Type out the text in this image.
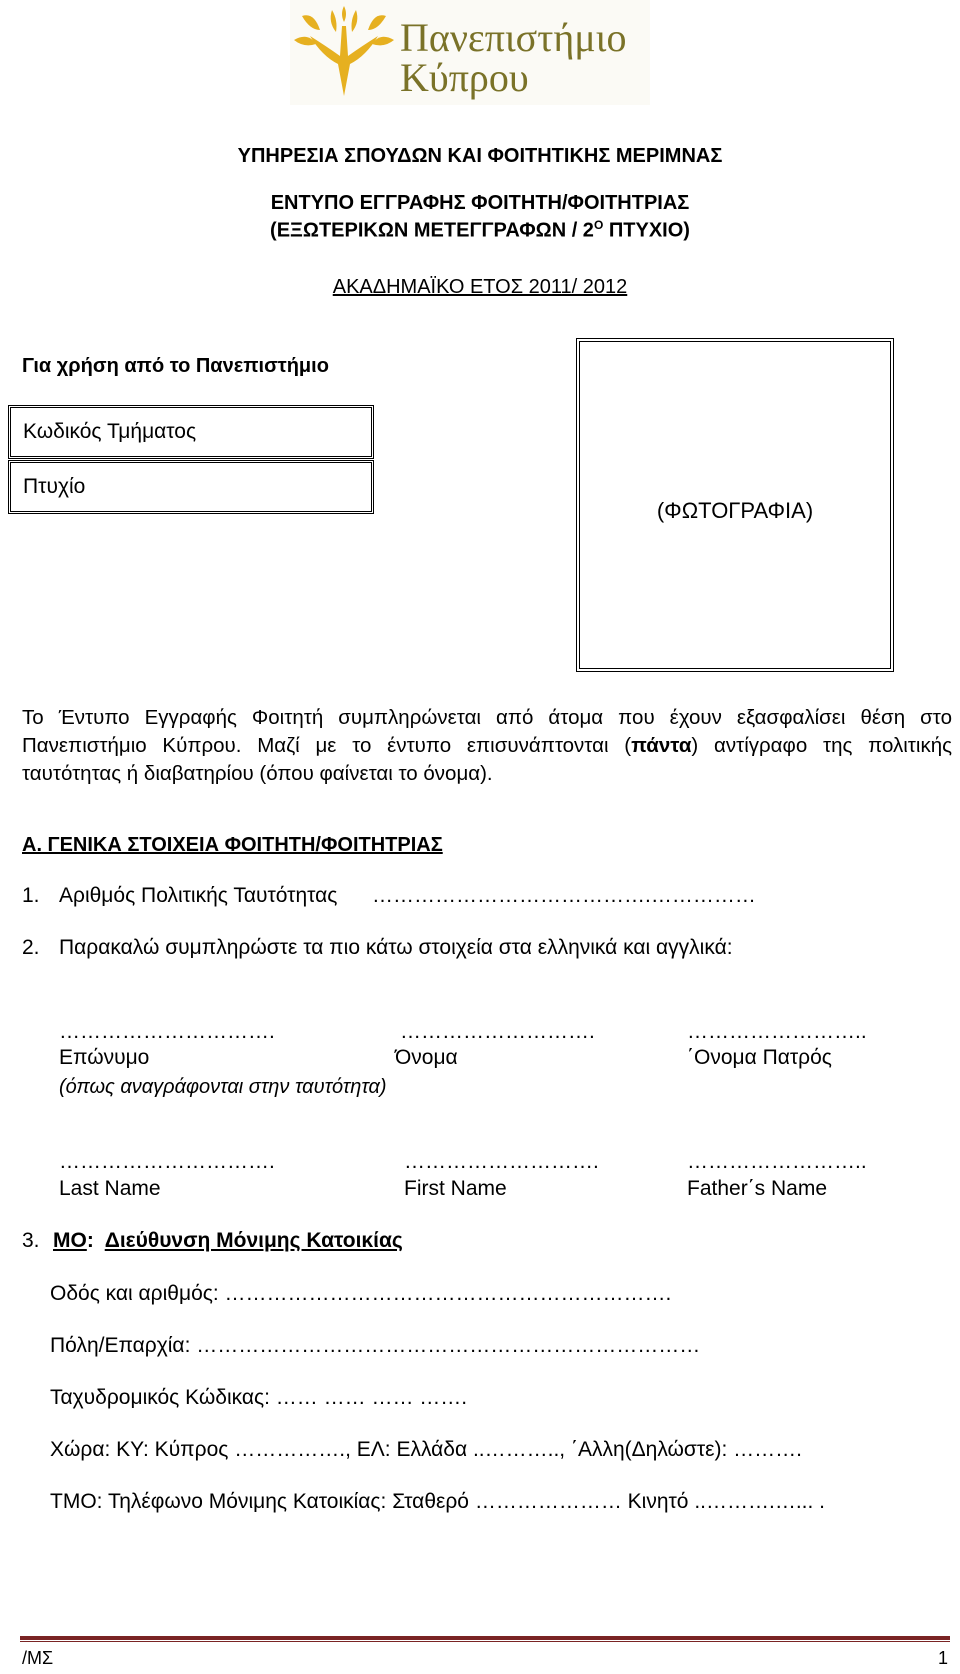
Πανεπιστήμιο
Κύπρου
ΥΠΗΡΕΣΙΑ ΣΠΟΥΔΩΝ ΚΑΙ ΦΟΙΤΗΤΙΚΗΣ ΜΕΡΙΜΝΑΣ
ΕΝΤΥΠΟ ΕΓΓΡΑΦΗΣ ΦΟΙΤΗΤΗ/ΦΟΙΤΗΤΡΙΑΣ
(ΕΞΩΤΕΡΙΚΩΝ ΜΕΤΕΓΓΡΑΦΩΝ / $2^O$ ΠΤΥΧΙΟ)
ΑΚΑΔΗΜΑΪΚΟ ΕΤΟΣ 2011/ 2012
Για χρήση από το Πανεπιστήμιο
Κωδικός Τμήματος
Πτυχίο
(ΦΩΤΟΓΡΑΦΙΑ)
Το Έντυπο Εγγραφής Φοιτητή συμπληρώνεται από άτομα που έχουν εξασφαλίσει θέση στο Πανεπιστήμιο Κύπρου. Μαζί με το έντυπο επισυνάπτονται (πάντα) αντίγραφο της πολιτικής ταυτότητας ή διαβατηρίου (όπου φαίνεται το όνομα).
Α. ΓΕΝΙΚΑ ΣΤΟΙΧΕΙΑ ΦΟΙΤΗΤΗ/ΦΟΙΤΗΤΡΙΑΣ
1. Αριθμός Πολιτικής Ταυτότητας ………………………………….……………
2. Παρακαλώ συμπληρώστε τα πιο κάτω στοιχεία στα ελληνικά και αγγλικά:
………………………….	……………………….	……………………..
Επώνυμο	Όνομα	΄Ονομα Πατρός
(όπως αναγράφονται στην ταυτότητα)
………………………….	……………………….	……………………..
Last Name	First Name	Father΄s Name
3. ΜΟ: Διεύθυνση Μόνιμης Κατοικίας
Οδός και αριθμός: ……………………………………………………….
Πόλη/Επαρχία: ………………………………………………………………
Ταχυδρομικός Κώδικας: …… …… …… …….
Χώρα: ΚΥ: Κύπρος ……………., ΕΛ: Ελλάδα ..……….., ΄Αλλη(Δηλώστε): ……….
ΤΜΟ: Τηλέφωνο Μόνιμης Κατοικίας: Σταθερό ………………… Κινητό ..……….…... .
/ΜΣ	1
